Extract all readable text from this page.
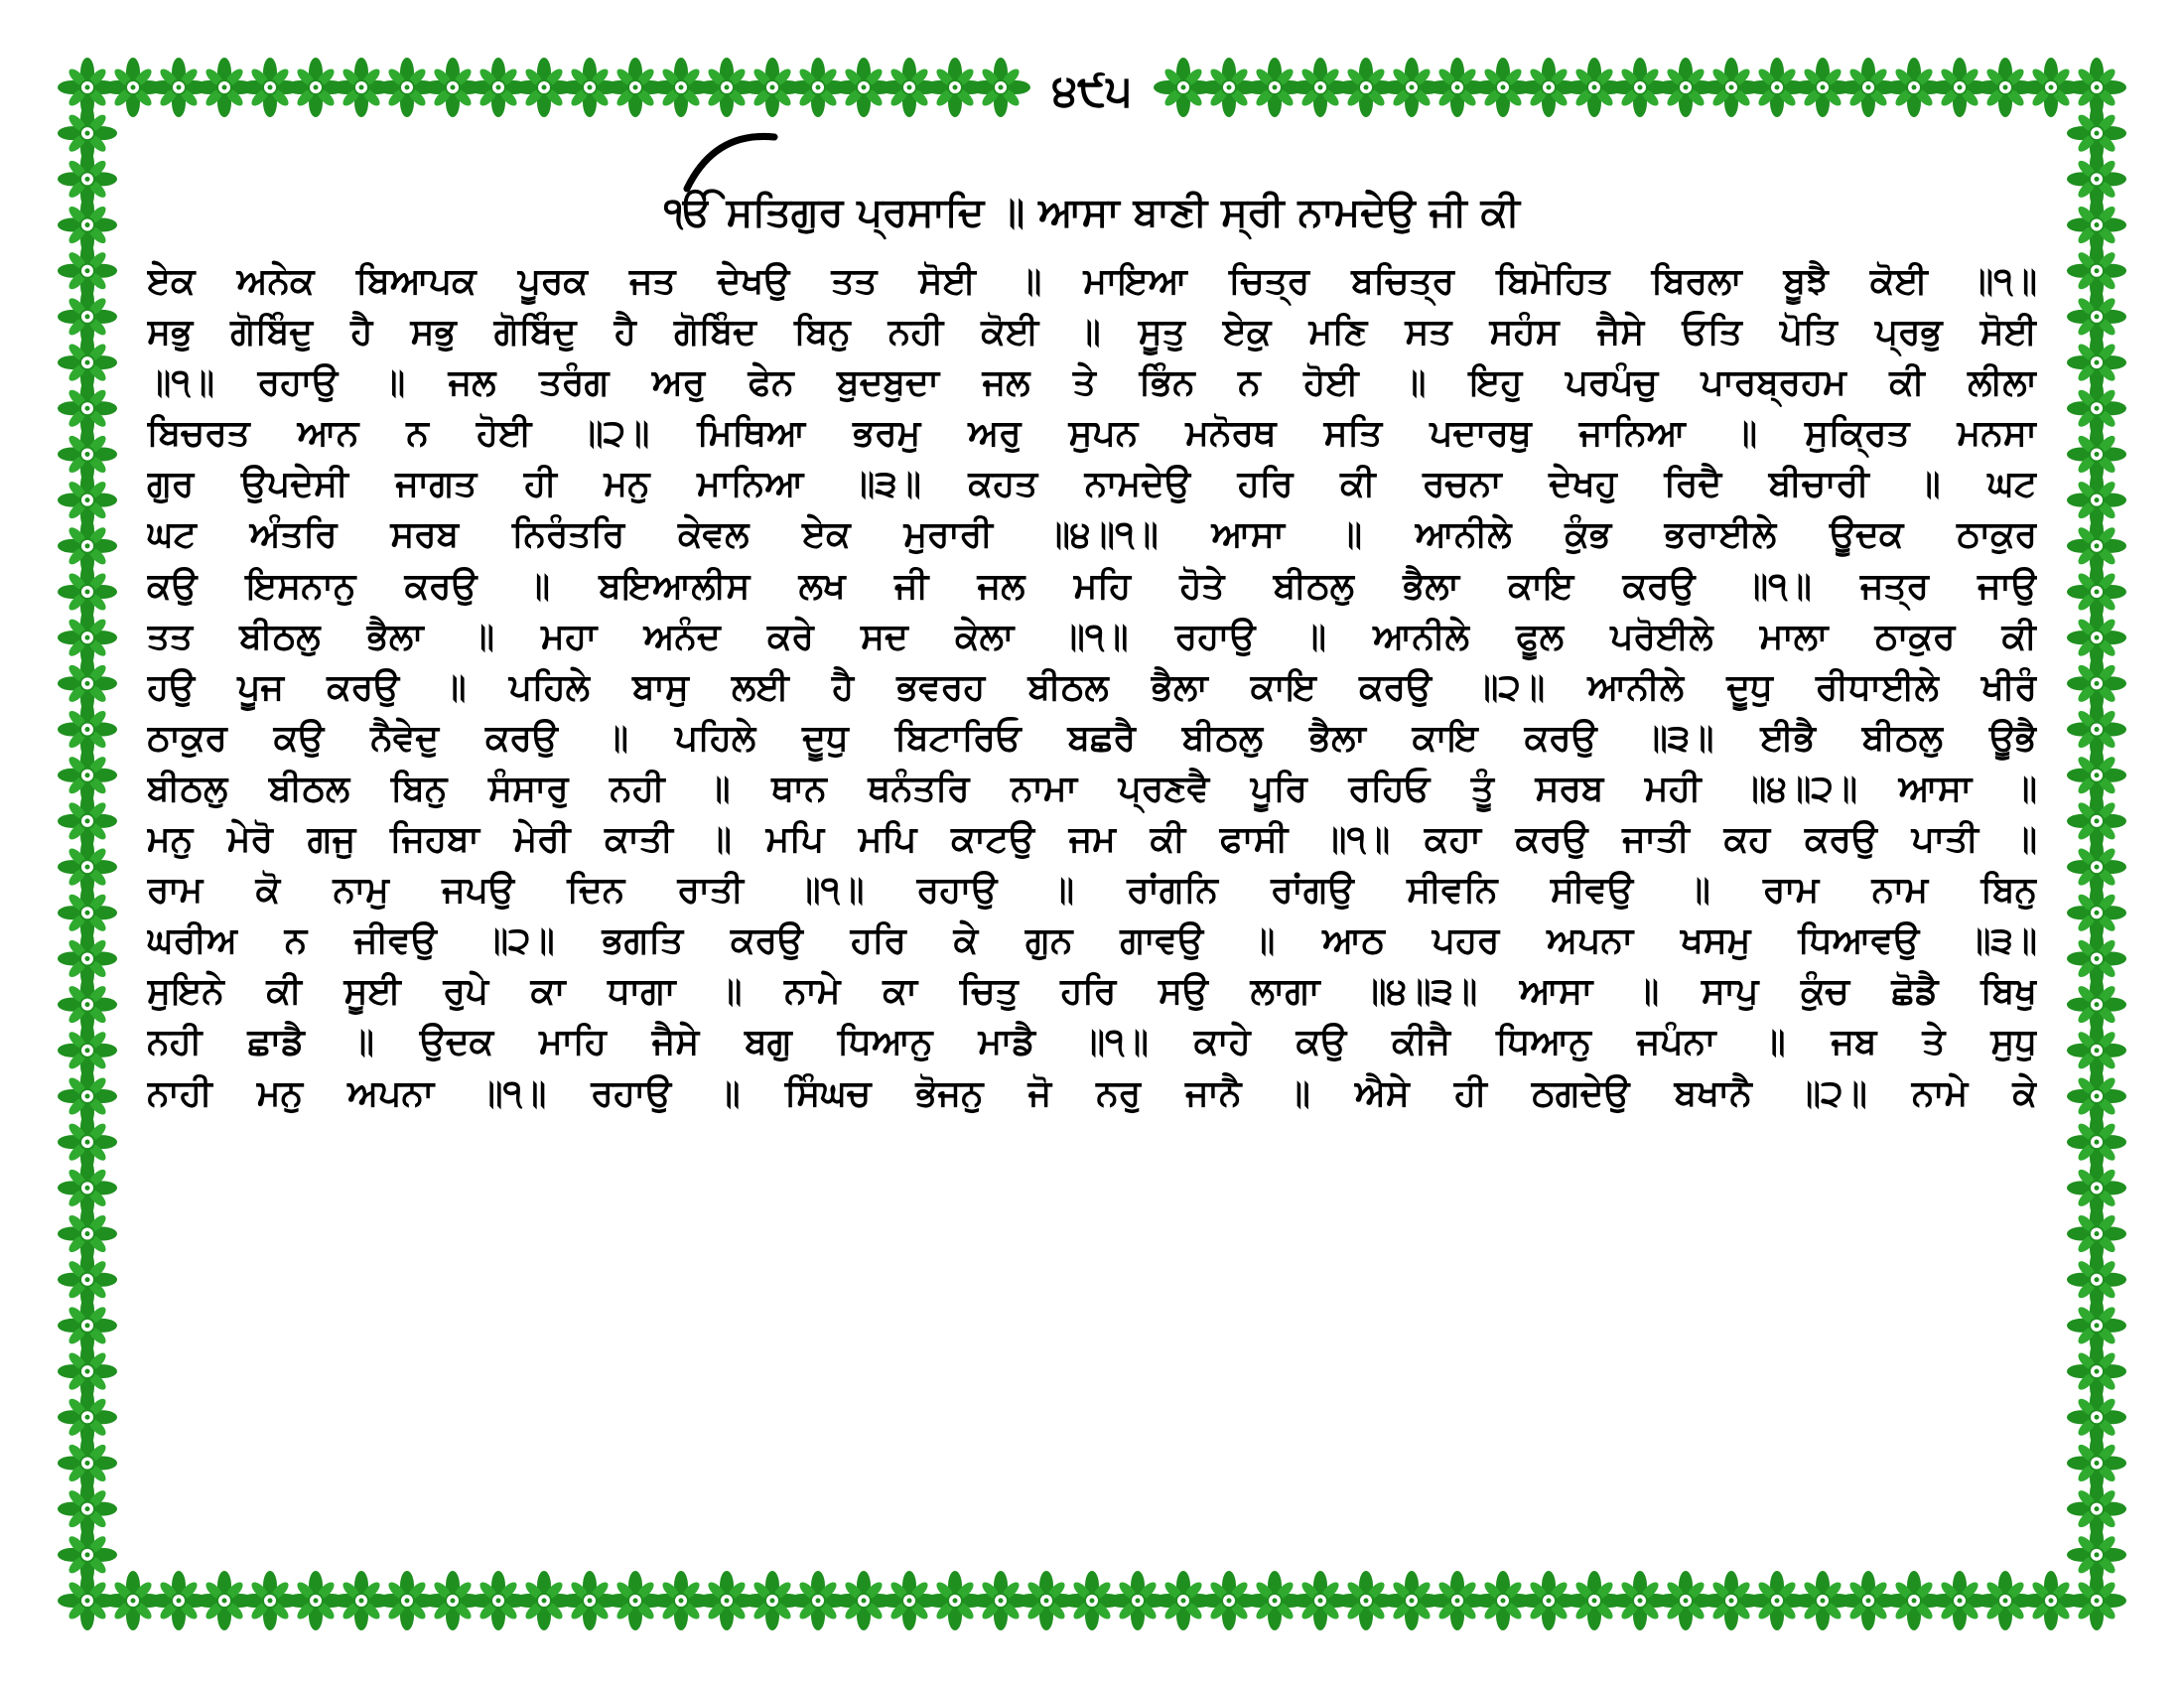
੪੯੫
ੴ ਸਤਿਗੁਰ ਪ੍ਰਸਾਦਿ ॥ ਆਸਾ ਬਾਣੀ ਸ੍ਰੀ ਨਾਮਦੇਉ ਜੀ ਕੀ
ਏਕ ਅਨੇਕ ਬਿਆਪਕ ਪੂਰਕ ਜਤ ਦੇਖਉ ਤਤ ਸੋਈ ॥ ਮਾਇਆ ਚਿਤ੍ਰ ਬਚਿਤ੍ਰ ਬਿਮੋਹਿਤ ਬਿਰਲਾ ਬੂਝੈ ਕੋਈ ॥੧॥
ਸਭੁ ਗੋਬਿੰਦੁ ਹੈ ਸਭੁ ਗੋਬਿੰਦੁ ਹੈ ਗੋਬਿੰਦ ਬਿਨੁ ਨਹੀ ਕੋਈ ॥ ਸੂਤੁ ਏਕੁ ਮਣਿ ਸਤ ਸਹੰਸ ਜੈਸੇ ਓਤਿ ਪੋਤਿ ਪ੍ਰਭੁ ਸੋਈ
॥੧॥ ਰਹਾਉ ॥ ਜਲ ਤਰੰਗ ਅਰੁ ਫੇਨ ਬੁਦਬੁਦਾ ਜਲ ਤੇ ਭਿੰਨ ਨ ਹੋਈ ॥ ਇਹੁ ਪਰਪੰਚੁ ਪਾਰਬ੍ਰਹਮ ਕੀ ਲੀਲਾ
ਬਿਚਰਤ ਆਨ ਨ ਹੋਈ ॥੨॥ ਮਿਥਿਆ ਭਰਮੁ ਅਰੁ ਸੁਪਨ ਮਨੋਰਥ ਸਤਿ ਪਦਾਰਥੁ ਜਾਨਿਆ ॥ ਸੁਕ੍ਰਿਤ ਮਨਸਾ
ਗੁਰ ਉਪਦੇਸੀ ਜਾਗਤ ਹੀ ਮਨੁ ਮਾਨਿਆ ॥੩॥ ਕਹਤ ਨਾਮਦੇਉ ਹਰਿ ਕੀ ਰਚਨਾ ਦੇਖਹੁ ਰਿਦੈ ਬੀਚਾਰੀ ॥ ਘਟ
ਘਟ ਅੰਤਰਿ ਸਰਬ ਨਿਰੰਤਰਿ ਕੇਵਲ ਏਕ ਮੁਰਾਰੀ ॥੪॥੧॥ ਆਸਾ ॥ ਆਨੀਲੇ ਕੁੰਭ ਭਰਾਈਲੇ ਊਦਕ ਠਾਕੁਰ
ਕਉ ਇਸਨਾਨੁ ਕਰਉ ॥ ਬਇਆਲੀਸ ਲਖ ਜੀ ਜਲ ਮਹਿ ਹੋਤੇ ਬੀਠਲੁ ਭੈਲਾ ਕਾਇ ਕਰਉ ॥੧॥ ਜਤ੍ਰ ਜਾਉ
ਤਤ ਬੀਠਲੁ ਭੈਲਾ ॥ ਮਹਾ ਅਨੰਦ ਕਰੇ ਸਦ ਕੇਲਾ ॥੧॥ ਰਹਾਉ ॥ ਆਨੀਲੇ ਫੂਲ ਪਰੋਈਲੇ ਮਾਲਾ ਠਾਕੁਰ ਕੀ
ਹਉ ਪੂਜ ਕਰਉ ॥ ਪਹਿਲੇ ਬਾਸੁ ਲਈ ਹੈ ਭਵਰਹ ਬੀਠਲ ਭੈਲਾ ਕਾਇ ਕਰਉ ॥੨॥ ਆਨੀਲੇ ਦੂਧੁ ਰੀਧਾਈਲੇ ਖੀਰੰ
ਠਾਕੁਰ ਕਉ ਨੈਵੇਦੁ ਕਰਉ ॥ ਪਹਿਲੇ ਦੂਧੁ ਬਿਟਾਰਿਓ ਬਛਰੈ ਬੀਠਲੁ ਭੈਲਾ ਕਾਇ ਕਰਉ ॥੩॥ ਈਭੈ ਬੀਠਲੁ ਊਭੈ
ਬੀਠਲੁ ਬੀਠਲ ਬਿਨੁ ਸੰਸਾਰੁ ਨਹੀ ॥ ਥਾਨ ਥਨੰਤਰਿ ਨਾਮਾ ਪ੍ਰਣਵੈ ਪੂਰਿ ਰਹਿਓ ਤੂੰ ਸਰਬ ਮਹੀ ॥੪॥੨॥ ਆਸਾ ॥
ਮਨੁ ਮੇਰੋ ਗਜੁ ਜਿਹਬਾ ਮੇਰੀ ਕਾਤੀ ॥ ਮਪਿ ਮਪਿ ਕਾਟਉ ਜਮ ਕੀ ਫਾਸੀ ॥੧॥ ਕਹਾ ਕਰਉ ਜਾਤੀ ਕਹ ਕਰਉ ਪਾਤੀ ॥
ਰਾਮ ਕੋ ਨਾਮੁ ਜਪਉ ਦਿਨ ਰਾਤੀ ॥੧॥ ਰਹਾਉ ॥ ਰਾਂਗਨਿ ਰਾਂਗਉ ਸੀਵਨਿ ਸੀਵਉ ॥ ਰਾਮ ਨਾਮ ਬਿਨੁ
ਘਰੀਅ ਨ ਜੀਵਉ ॥੨॥ ਭਗਤਿ ਕਰਉ ਹਰਿ ਕੇ ਗੁਨ ਗਾਵਉ ॥ ਆਠ ਪਹਰ ਅਪਨਾ ਖਸਮੁ ਧਿਆਵਉ ॥੩॥
ਸੁਇਨੇ ਕੀ ਸੂਈ ਰੁਪੇ ਕਾ ਧਾਗਾ ॥ ਨਾਮੇ ਕਾ ਚਿਤੁ ਹਰਿ ਸਉ ਲਾਗਾ ॥੪॥੩॥ ਆਸਾ ॥ ਸਾਪੁ ਕੁੰਚ ਛੋਡੈ ਬਿਖੁ
ਨਹੀ ਛਾਡੈ ॥ ਉਦਕ ਮਾਹਿ ਜੈਸੇ ਬਗੁ ਧਿਆਨੁ ਮਾਡੈ ॥੧॥ ਕਾਹੇ ਕਉ ਕੀਜੈ ਧਿਆਨੁ ਜਪੰਨਾ ॥ ਜਬ ਤੇ ਸੁਧੁ
ਨਾਹੀ ਮਨੁ ਅਪਨਾ ॥੧॥ ਰਹਾਉ ॥ ਸਿੰਘਚ ਭੋਜਨੁ ਜੋ ਨਰੁ ਜਾਨੈ ॥ ਐਸੇ ਹੀ ਠਗਦੇਉ ਬਖਾਨੈ ॥੨॥ ਨਾਮੇ ਕੇ
